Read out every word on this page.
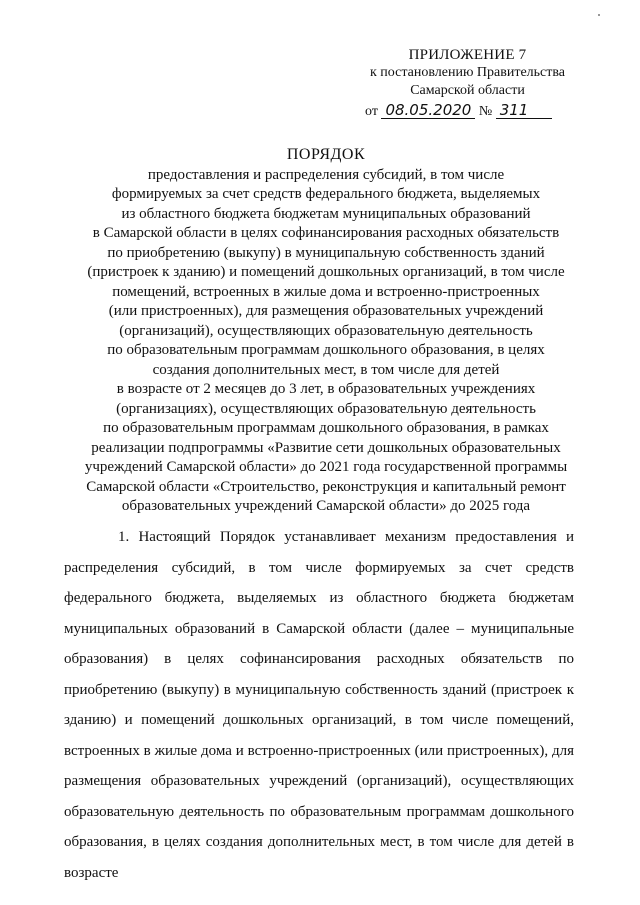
ПРИЛОЖЕНИЕ 7
к постановлению Правительства
Самарской области
от 08.05.2020 № 311
ПОРЯДОК
предоставления и распределения субсидий, в том числе
формируемых за счет средств федерального бюджета, выделяемых
из областного бюджета бюджетам муниципальных образований
в Самарской области в целях софинансирования расходных обязательств
по приобретению (выкупу) в муниципальную собственность зданий
(пристроек к зданию) и помещений дошкольных организаций, в том числе
помещений, встроенных в жилые дома и встроенно-пристроенных
(или пристроенных), для размещения образовательных учреждений
(организаций), осуществляющих образовательную деятельность
по образовательным программам дошкольного образования, в целях
создания дополнительных мест, в том числе для детей
в возрасте от 2 месяцев до 3 лет, в образовательных учреждениях
(организациях), осуществляющих образовательную деятельность
по образовательным программам дошкольного образования, в рамках
реализации подпрограммы «Развитие сети дошкольных образовательных
учреждений Самарской области» до 2021 года государственной программы
Самарской области «Строительство, реконструкция и капитальный ремонт
образовательных учреждений Самарской области» до 2025 года

1. Настоящий Порядок устанавливает механизм предоставления и распределения субсидий, в том числе формируемых за счет средств федерального бюджета, выделяемых из областного бюджета бюджетам муниципальных образований в Самарской области (далее – муниципальные образования) в целях софинансирования расходных обязательств по приобретению (выкупу) в муниципальную собственность зданий (пристроек к зданию) и помещений дошкольных организаций, в том числе помещений, встроенных в жилые дома и встроенно-пристроенных (или пристроенных), для размещения образовательных учреждений (организаций), осуществляющих образовательную деятельность по образовательным программам дошкольного образования, в целях создания дополнительных мест, в том числе для детей в возрасте
